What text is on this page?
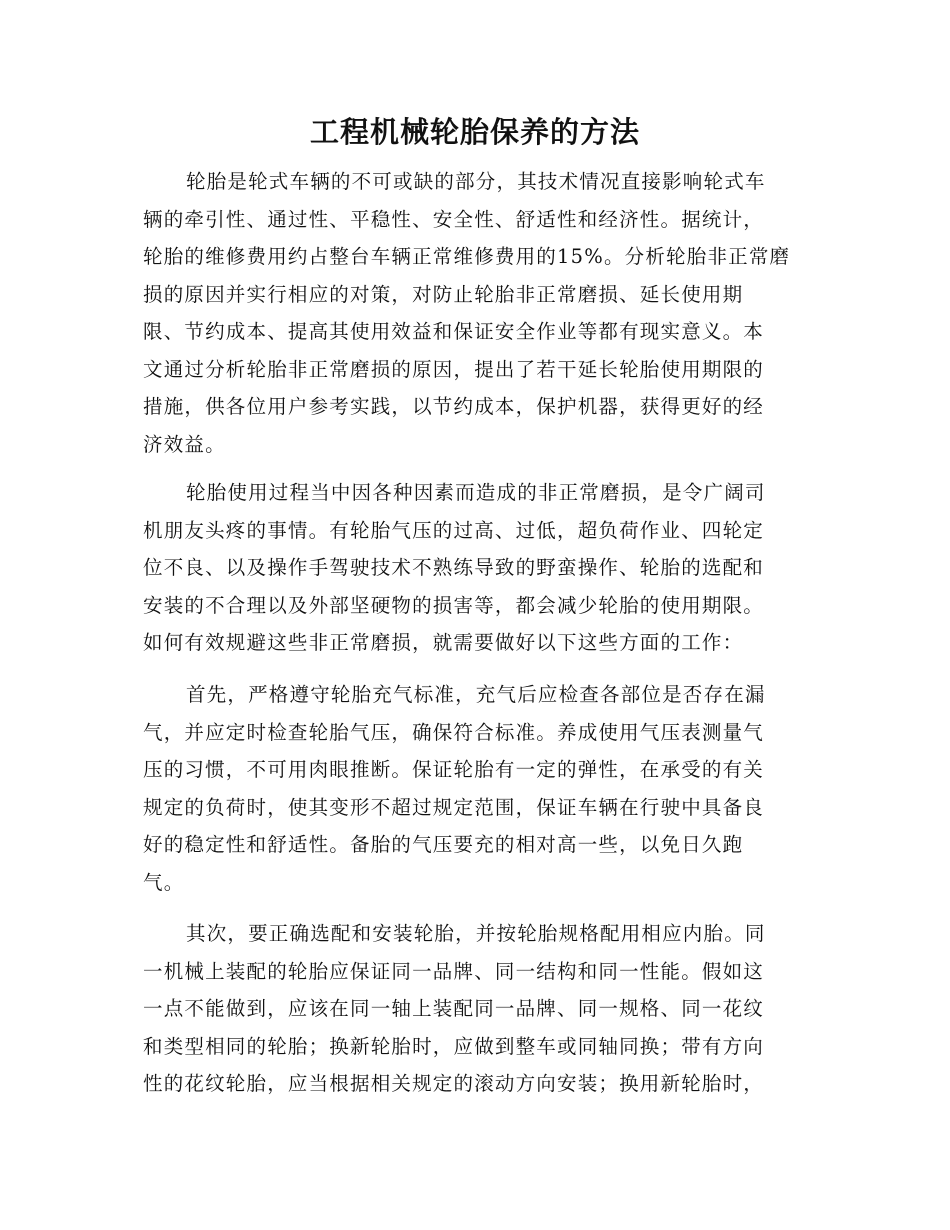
工程机械轮胎保养的方法
轮胎是轮式车辆的不可或缺的部分，其技术情况直接影响轮式车
辆的牵引性、通过性、平稳性、安全性、舒适性和经济性。据统计，
轮胎的维修费用约占整台车辆正常维修费用的15%。分析轮胎非正常磨
损的原因并实行相应的对策，对防止轮胎非正常磨损、延长使用期
限、节约成本、提高其使用效益和保证安全作业等都有现实意义。本
文通过分析轮胎非正常磨损的原因，提出了若干延长轮胎使用期限的
措施，供各位用户参考实践，以节约成本，保护机器，获得更好的经
济效益。
轮胎使用过程当中因各种因素而造成的非正常磨损，是令广阔司
机朋友头疼的事情。有轮胎气压的过高、过低，超负荷作业、四轮定
位不良、以及操作手驾驶技术不熟练导致的野蛮操作、轮胎的选配和
安装的不合理以及外部坚硬物的损害等，都会减少轮胎的使用期限。
如何有效规避这些非正常磨损，就需要做好以下这些方面的工作：
首先，严格遵守轮胎充气标准，充气后应检查各部位是否存在漏
气，并应定时检查轮胎气压，确保符合标准。养成使用气压表测量气
压的习惯，不可用肉眼推断。保证轮胎有一定的弹性，在承受的有关
规定的负荷时，使其变形不超过规定范围，保证车辆在行驶中具备良
好的稳定性和舒适性。备胎的气压要充的相对高一些，以免日久跑
气。
其次，要正确选配和安装轮胎，并按轮胎规格配用相应内胎。同
一机械上装配的轮胎应保证同一品牌、同一结构和同一性能。假如这
一点不能做到，应该在同一轴上装配同一品牌、同一规格、同一花纹
和类型相同的轮胎；换新轮胎时，应做到整车或同轴同换；带有方向
性的花纹轮胎，应当根据相关规定的滚动方向安装；换用新轮胎时，
